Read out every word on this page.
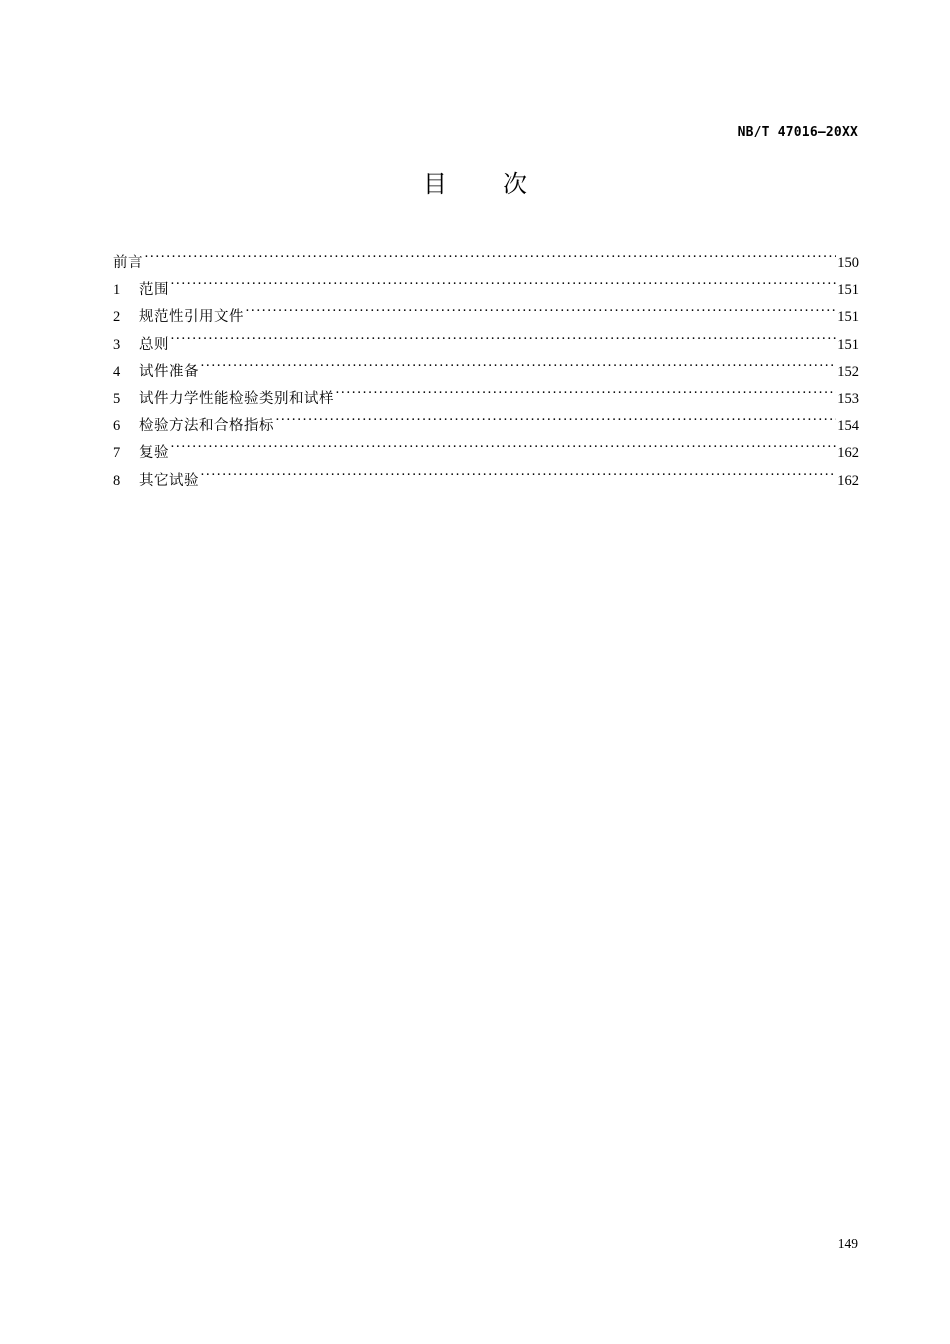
NB/T 47016—20XX
目次
前言 ·····	150
1	范围 ·····	151
2	规范性引用文件 ·····	151
3	总则 ·····	151
4	试件准备 ·····	152
5	试件力学性能检验类别和试样 ·····	153
6	检验方法和合格指标 ·····	154
7	复验 ·····	162
8	其它试验 ·····	162
149
